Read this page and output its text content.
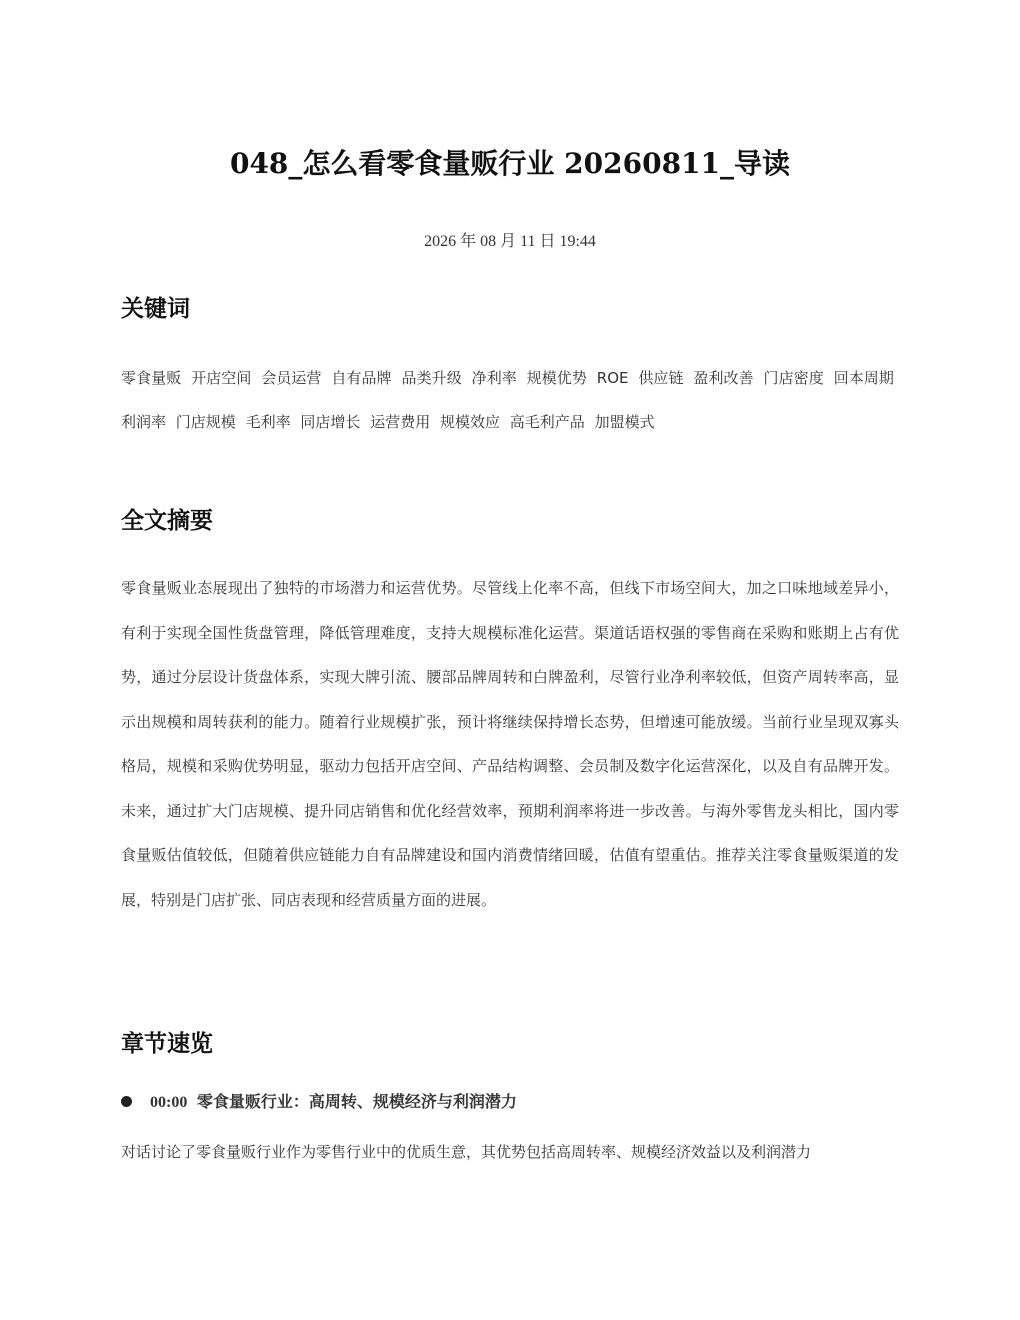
048_怎么看零食量贩行业 20260811_导读
2026 年 08 月 11 日 19:44
关键词
零食量贩 开店空间 会员运营 自有品牌 品类升级 净利率 规模优势 ROE 供应链 盈利改善 门店密度 回本周期 利润率 门店规模 毛利率 同店增长 运营费用 规模效应 高毛利产品 加盟模式
全文摘要

零食量贩业态展现出了独特的市场潜力和运营优势。尽管线上化率不高，但线下市场空间大，加之口味地域差异小，有利于实现全国性货盘管理，降低管理难度，支持大规模标准化运营。渠道话语权强的零售商在采购和账期上占有优势，通过分层设计货盘体系，实现大牌引流、腰部品牌周转和白牌盈利，尽管行业净利率较低，但资产周转率高，显示出规模和周转获利的能力。随着行业规模扩张，预计将继续保持增长态势，但增速可能放缓。当前行业呈现双寡头格局，规模和采购优势明显，驱动力包括开店空间、产品结构调整、会员制及数字化运营深化，以及自有品牌开发。未来，通过扩大门店规模、提升同店销售和优化经营效率，预期利润率将进一步改善。与海外零售龙头相比，国内零食量贩估值较低，但随着供应链能力自有品牌建设和国内消费情绪回暖，估值有望重估。推荐关注零食量贩渠道的发展，特别是门店扩张、同店表现和经营质量方面的进展。

章节速览
00:00 零食量贩行业：高周转、规模经济与利润潜力

对话讨论了零食量贩行业作为零售行业中的优质生意，其优势包括高周转率、规模经济效益以及利润潜力
